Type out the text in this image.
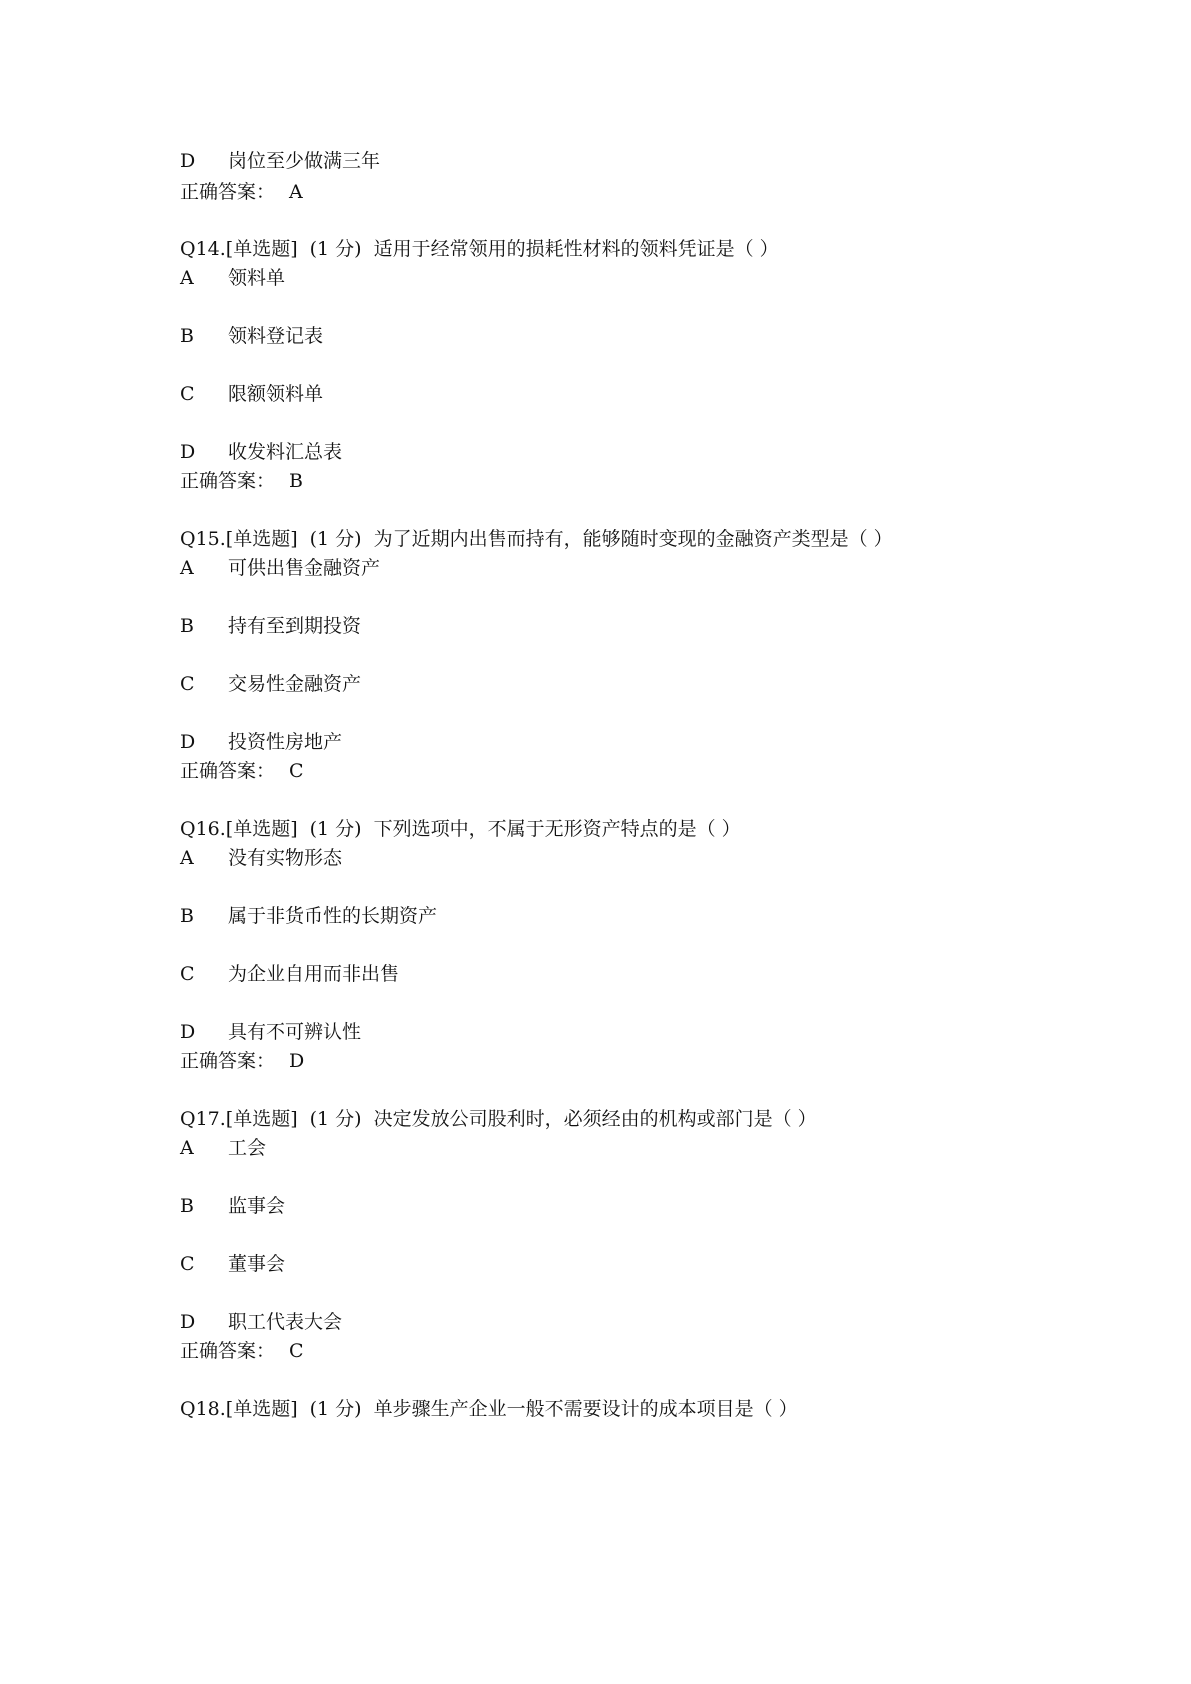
D 岗位至少做满三年
正确答案： A
Q14.[单选题] (1 分) 适用于经常领用的损耗性材料的领料凭证是（ ）
A 领料单
B 领料登记表
C 限额领料单
D 收发料汇总表
正确答案： B
Q15.[单选题] (1 分) 为了近期内出售而持有，能够随时变现的金融资产类型是（ ）
A 可供出售金融资产
B 持有至到期投资
C 交易性金融资产
D 投资性房地产
正确答案： C
Q16.[单选题] (1 分) 下列选项中，不属于无形资产特点的是（ ）
A 没有实物形态
B 属于非货币性的长期资产
C 为企业自用而非出售
D 具有不可辨认性
正确答案： D
Q17.[单选题] (1 分) 决定发放公司股利时，必须经由的机构或部门是（ ）
A 工会
B 监事会
C 董事会
D 职工代表大会
正确答案： C
Q18.[单选题] (1 分) 单步骤生产企业一般不需要设计的成本项目是（ ）
